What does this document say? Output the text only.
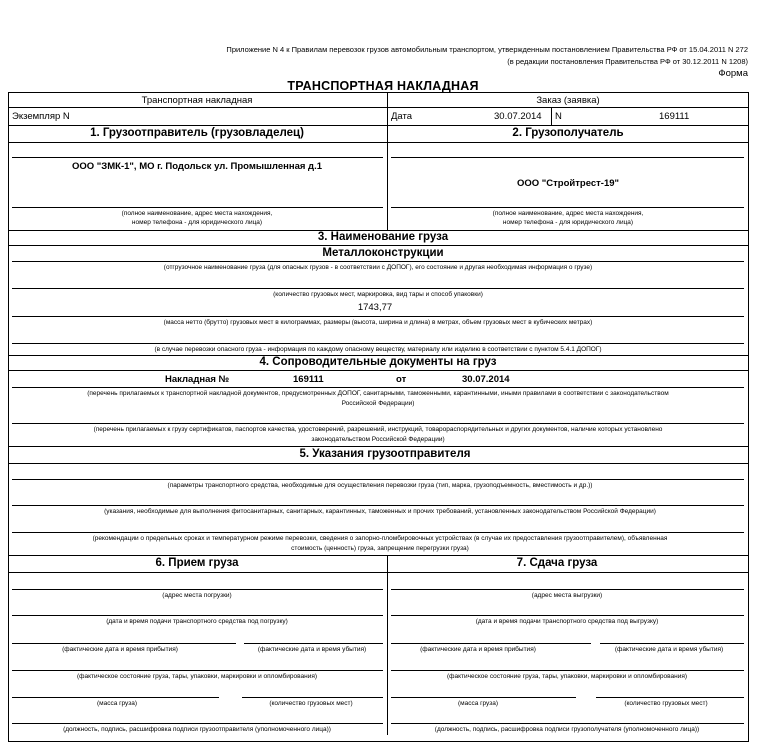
Приложение N 4 к Правилам перевозок грузов автомобильным транспортом, утвержденным постановлением Правительства РФ от 15.04.2011 N 272
(в редакции постановления Правительства РФ от 30.12.2011 N 1208)
Форма
ТРАНСПОРТНАЯ НАКЛАДНАЯ
Транспортная накладная	Заказ (заявка)
Экземпляр N	Дата	30.07.2014 N	169111
1. Грузоотправитель (грузовладелец)	2. Грузополучатель
ООО "ЗМК-1", МО г. Подольск ул. Промышленная д.1
(полное наименование, адрес места нахождения,
номер телефона - для юридического лица)
ООО "Стройтрест-19"
(полное наименование, адрес места нахождения,
номер телефона - для юридического лица)
3. Наименование груза
Металлоконструкции
(отгрузочное наименование груза (для опасных грузов - в соответствии с ДОПОГ), его состояние и другая необходимая информация о грузе)
(количество грузовых мест, маркировка, вид тары и способ упаковки)
1743,77
(масса нетто (брутто) грузовых мест в килограммах, размеры (высота, ширина и длина) в метрах, объем грузовых мест в кубических метрах)
(в случае перевозки опасного груза - информация по каждому опасному веществу, материалу или изделию в соответствии с пунктом 5.4.1 ДОПОГ)
4. Сопроводительные документы на груз
Накладная №	169111	от	30.07.2014
(перечень прилагаемых к транспортной накладной документов, предусмотренных ДОПОГ, санитарными, таможенными, карантинными, иными правилами в соответствии с законодательством
Российской Федерации)
(перечень прилагаемых к грузу сертификатов, паспортов качества, удостоверений, разрешений, инструкций, товарораспорядительных и других документов, наличие которых установлено
законодательством Российской Федерации)
5. Указания грузоотправителя
(параметры транспортного средства, необходимые для осуществления перевозки груза (тип, марка, грузоподъемность, вместимость и др.))
(указания, необходимые для выполнения фитосанитарных, санитарных, карантинных, таможенных и прочих требований, установленных законодательством Российской Федерации)
(рекомендации о предельных сроках и температурном режиме перевозки, сведения о запорно-пломбировочных устройствах (в случае их предоставления грузоотправителем), объявленная
стоимость (ценность) груза, запрещение перегрузки груза)
6. Прием груза	7. Сдача груза
(адрес места погрузки)
(дата и время подачи транспортного средства под погрузку)
(фактические дата и время прибытия)	(фактические дата и время убытия)
(фактическое состояние груза, тары, упаковки, маркировки и опломбирования)
(масса груза)	(количество грузовых мест)
(должность, подпись, расшифровка подписи грузоотправителя (уполномоченного лица))
(адрес места выгрузки)
(дата и время подачи транспортного средства под выгрузку)
(фактические дата и время прибытия)	(фактические дата и время убытия)
(фактическое состояние груза, тары, упаковки, маркировки и опломбирования)
(масса груза)	(количество грузовых мест)
(должность, подпись, расшифровка подписи грузополучателя (уполномоченного лица))
